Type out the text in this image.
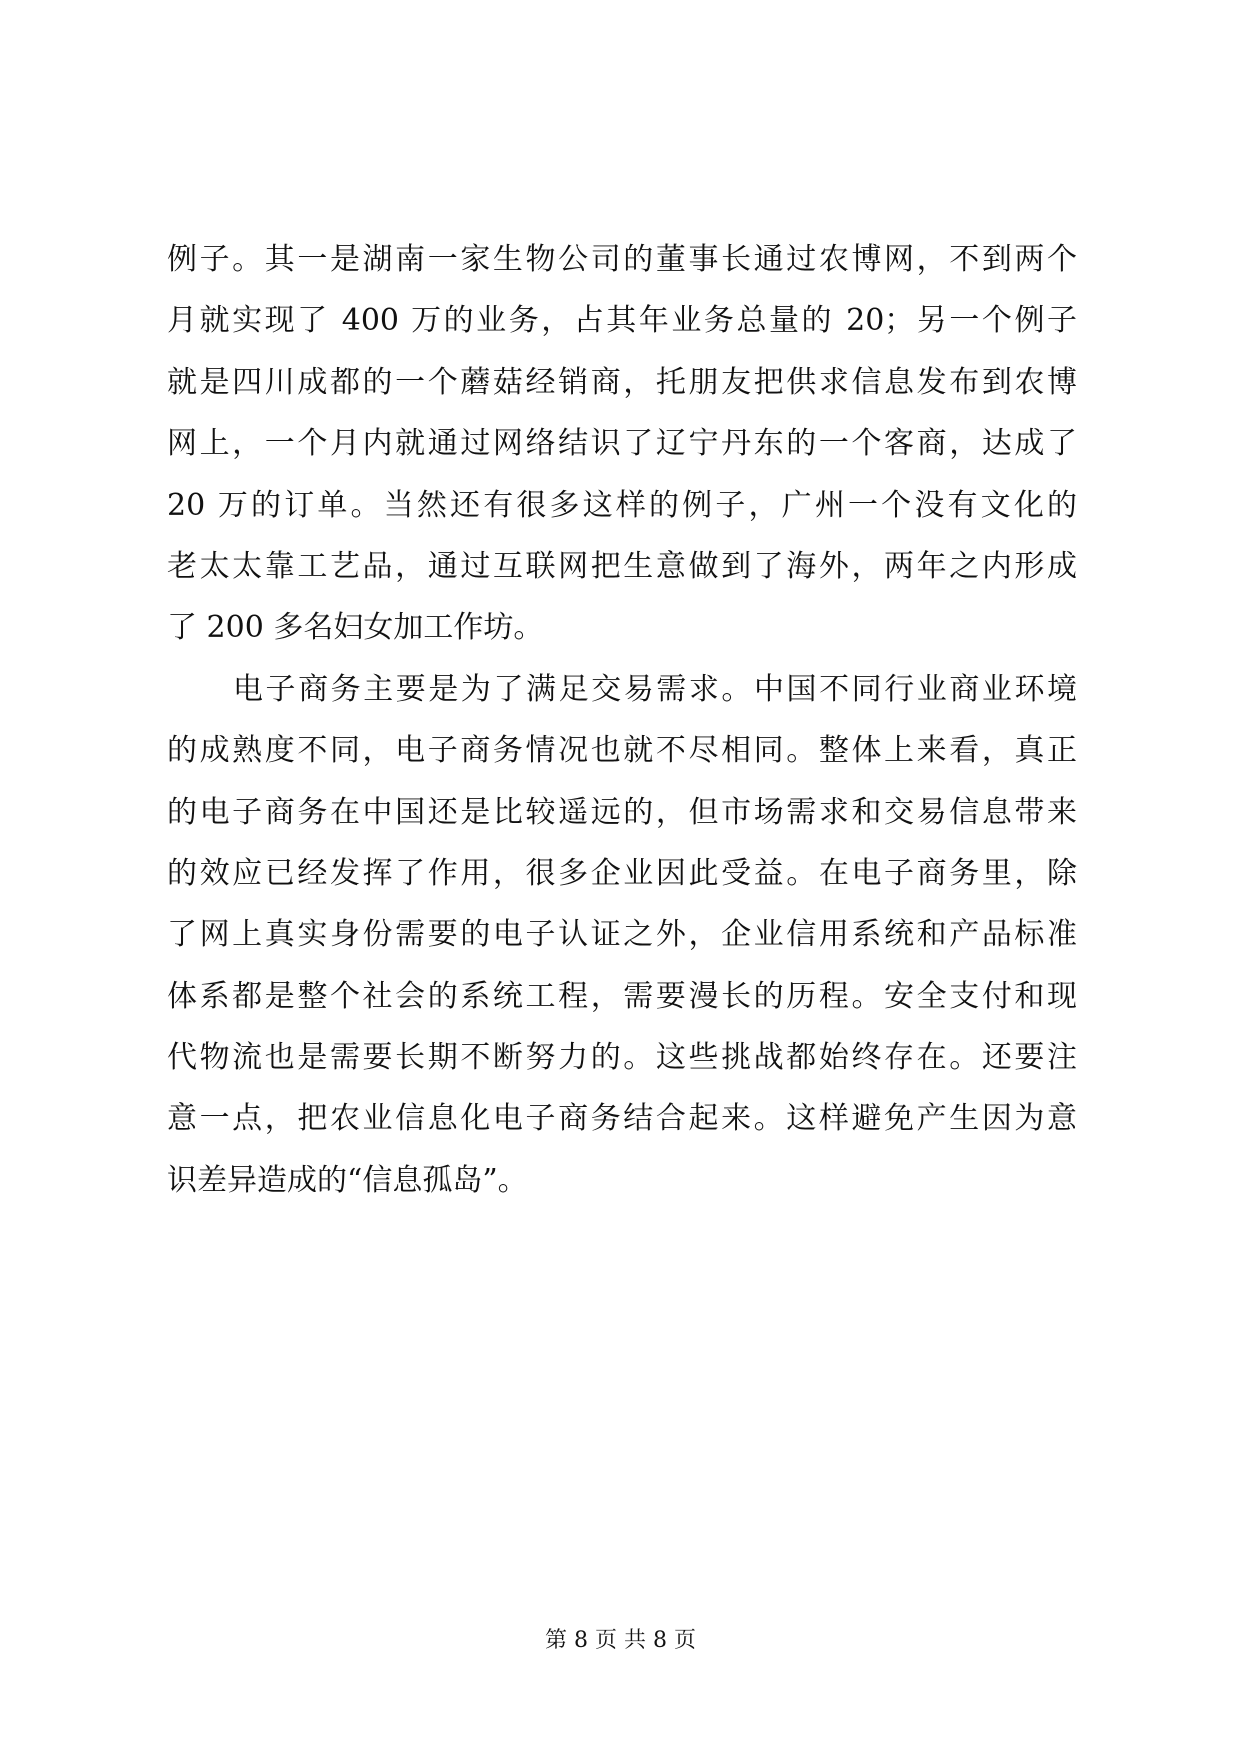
例子。其一是湖南一家生物公司的董事长通过农博网，不到两个
月就实现了 400 万的业务，占其年业务总量的 20；另一个例子
就是四川成都的一个蘑菇经销商，托朋友把供求信息发布到农博
网上，一个月内就通过网络结识了辽宁丹东的一个客商，达成了
20 万的订单。当然还有很多这样的例子，广州一个没有文化的
老太太靠工艺品，通过互联网把生意做到了海外，两年之内形成
了 200 多名妇女加工作坊。
电子商务主要是为了满足交易需求。中国不同行业商业环境
的成熟度不同，电子商务情况也就不尽相同。整体上来看，真正
的电子商务在中国还是比较遥远的，但市场需求和交易信息带来
的效应已经发挥了作用，很多企业因此受益。在电子商务里，除
了网上真实身份需要的电子认证之外，企业信用系统和产品标准
体系都是整个社会的系统工程，需要漫长的历程。安全支付和现
代物流也是需要长期不断努力的。这些挑战都始终存在。还要注
意一点，把农业信息化电子商务结合起来。这样避免产生因为意
识差异造成的“信息孤岛”。
第 8 页 共 8 页
